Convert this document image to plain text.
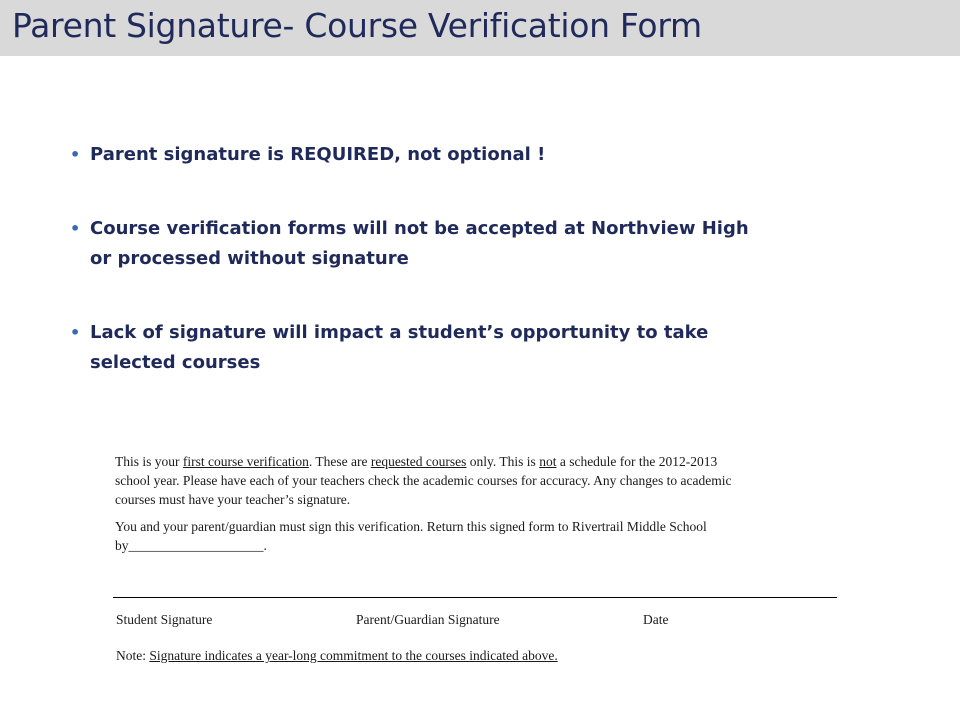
Parent Signature- Course Verification Form
• Parent signature is REQUIRED, not optional !
• Course verification forms will not be accepted at Northview High
or processed without signature
• Lack of signature will impact a student’s opportunity to take
selected courses

This is your first course verification. These are requested courses only. This is not a schedule for the 2012-2013
school year. Please have each of your teachers check the academic courses for accuracy. Any changes to academic
courses must have your teacher’s signature.

You and your parent/guardian must sign this verification. Return this signed form to Rivertrail Middle School
by____________________.

Student Signature	Parent/Guardian Signature	Date
Note: Signature indicates a year-long commitment to the courses indicated above.
